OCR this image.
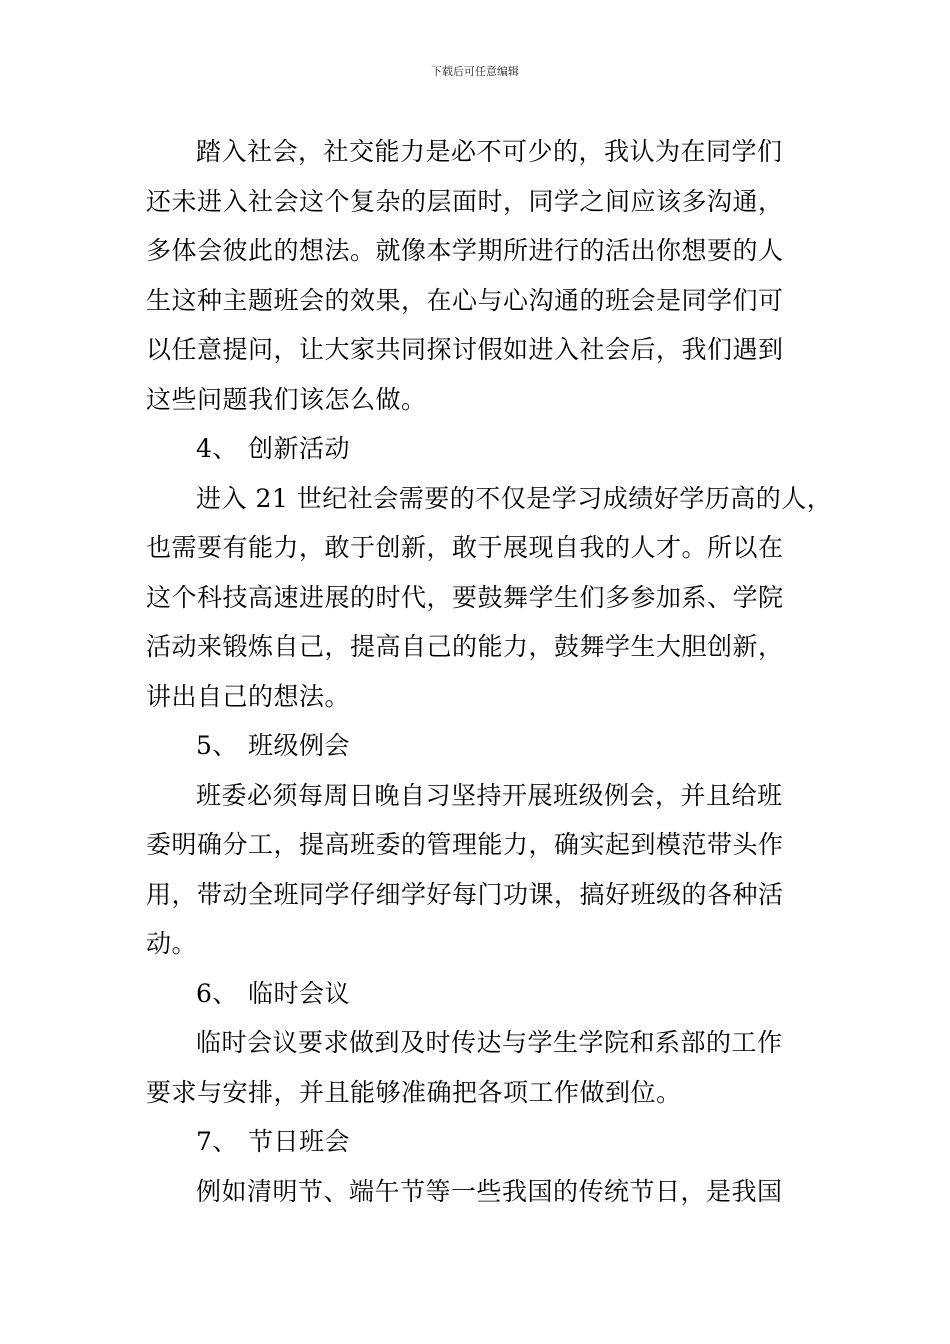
下载后可任意编辑
踏入社会，社交能力是必不可少的，我认为在同学们
还未进入社会这个复杂的层面时，同学之间应该多沟通，
多体会彼此的想法。就像本学期所进行的活出你想要的人
生这种主题班会的效果，在心与心沟通的班会是同学们可
以任意提问，让大家共同探讨假如进入社会后，我们遇到
这些问题我们该怎么做。
4、 创新活动
进入 21 世纪社会需要的不仅是学习成绩好学历高的人，
也需要有能力，敢于创新，敢于展现自我的人才。所以在
这个科技高速进展的时代，要鼓舞学生们多参加系、学院
活动来锻炼自己，提高自己的能力，鼓舞学生大胆创新，
讲出自己的想法。
5、 班级例会
班委必须每周日晚自习坚持开展班级例会，并且给班
委明确分工，提高班委的管理能力，确实起到模范带头作
用，带动全班同学仔细学好每门功课，搞好班级的各种活
动。
6、 临时会议
临时会议要求做到及时传达与学生学院和系部的工作
要求与安排，并且能够准确把各项工作做到位。
7、 节日班会
例如清明节、端午节等一些我国的传统节日，是我国
